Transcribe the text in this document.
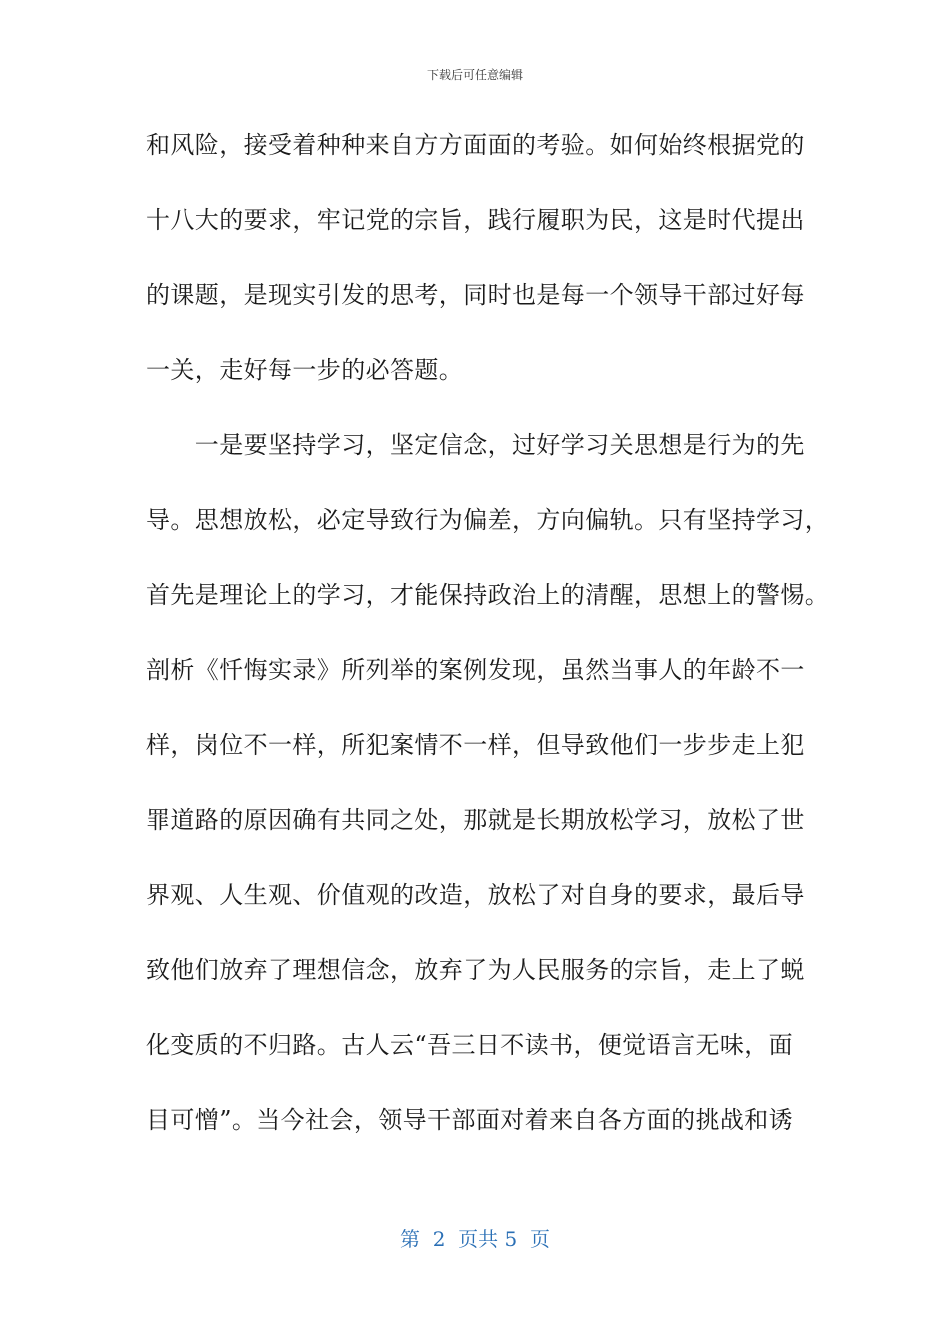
下载后可任意编辑
和风险，接受着种种来自方方面面的考验。如何始终根据党的
十八大的要求，牢记党的宗旨，践行履职为民，这是时代提出
的课题，是现实引发的思考，同时也是每一个领导干部过好每
一关，走好每一步的必答题。
　　一是要坚持学习，坚定信念，过好学习关思想是行为的先
导。思想放松，必定导致行为偏差，方向偏轨。只有坚持学习，
首先是理论上的学习，才能保持政治上的清醒，思想上的警惕。
剖析《忏悔实录》所列举的案例发现，虽然当事人的年龄不一
样，岗位不一样，所犯案情不一样，但导致他们一步步走上犯
罪道路的原因确有共同之处，那就是长期放松学习，放松了世
界观、人生观、价值观的改造，放松了对自身的要求，最后导
致他们放弃了理想信念，放弃了为人民服务的宗旨，走上了蜕
化变质的不归路。古人云“吾三日不读书，便觉语言无味，面
目可憎”。当今社会，领导干部面对着来自各方面的挑战和诱
第  2  页共 5  页
